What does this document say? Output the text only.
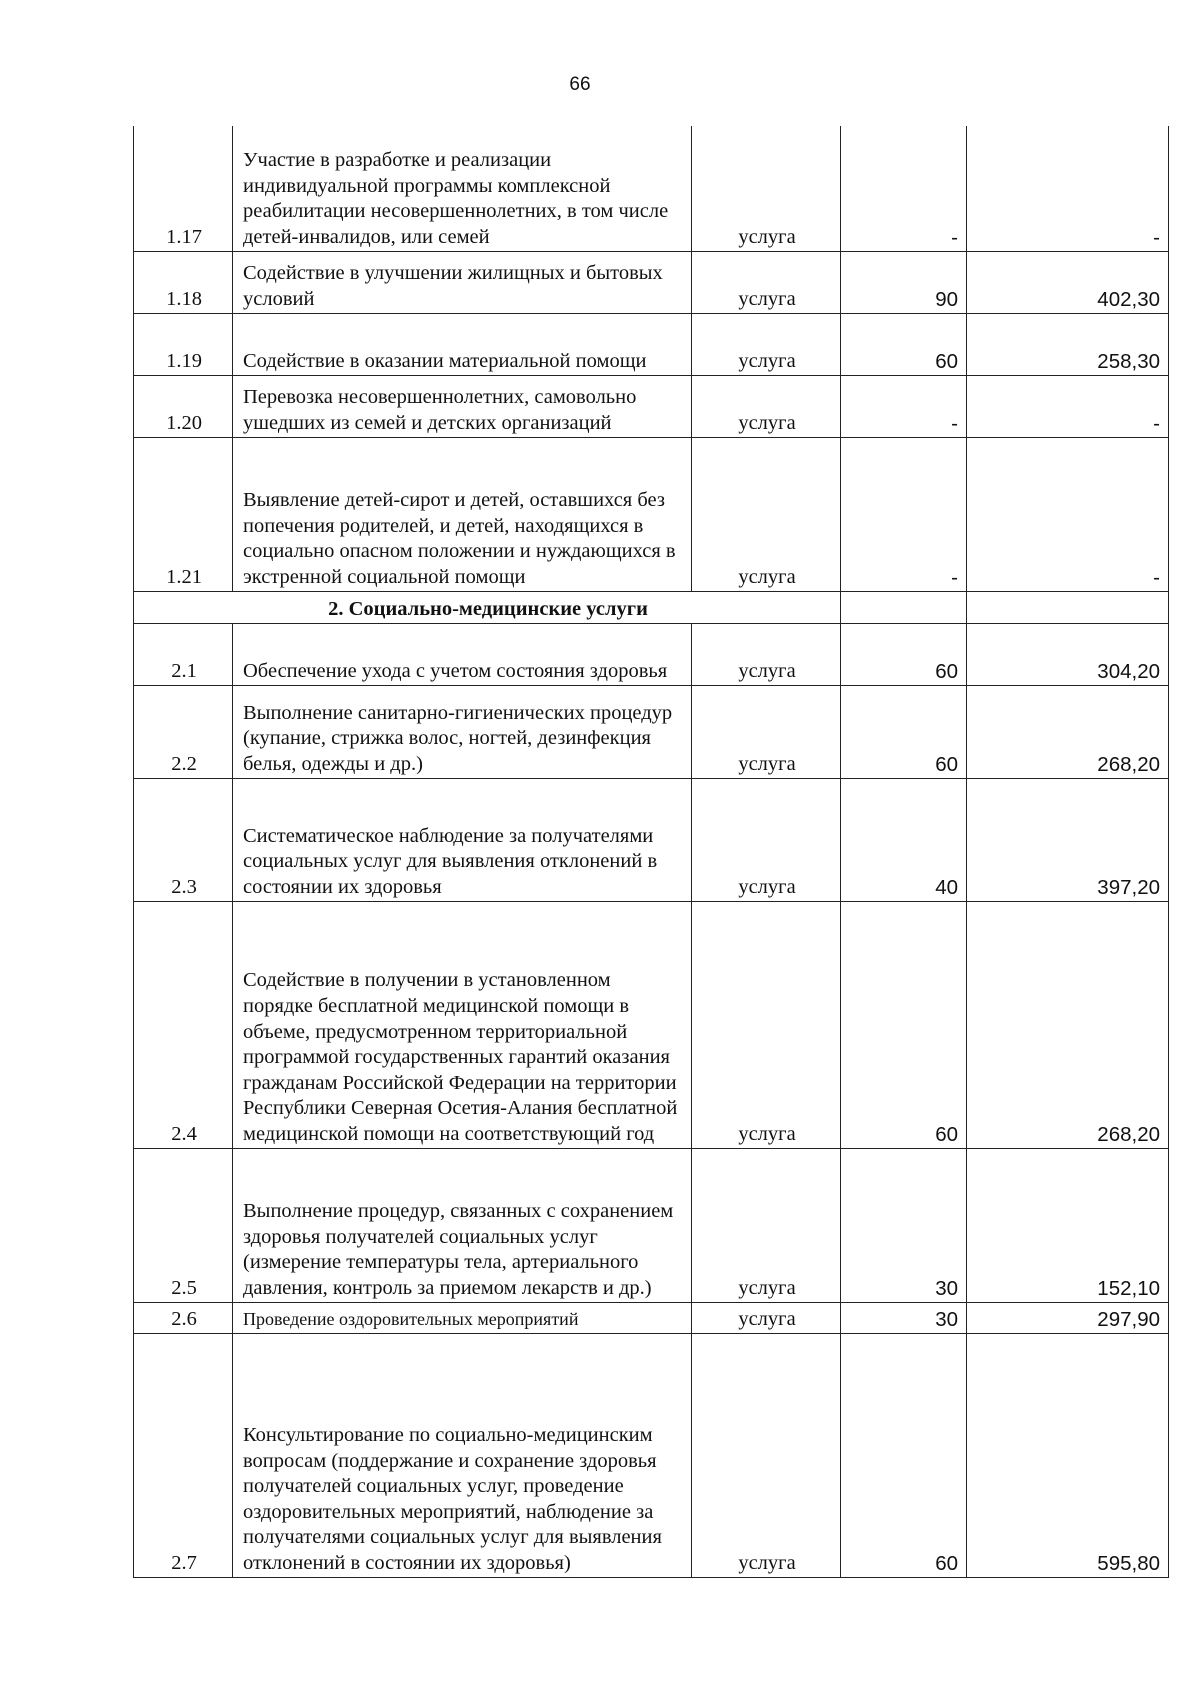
66
1.17	Участие в разработке и реализации индивидуальной программы комплексной реабилитации несовершеннолетних, в том числе детей-инвалидов, или семей	услуга	-	-
1.18	Содействие в улучшении жилищных и бытовых условий	услуга	90	402,30
1.19	Содействие в оказании материальной помощи	услуга	60	258,30
1.20	Перевозка несовершеннолетних, самовольно ушедших из семей и детских организаций	услуга	-	-
1.21	Выявление детей-сирот и детей, оставшихся без попечения родителей, и детей, находящихся в социально опасном положении и нуждающихся в экстренной социальной помощи	услуга	-	-
2. Социально-медицинские услуги				
2.1	Обеспечение ухода с учетом состояния здоровья	услуга	60	304,20
2.2	Выполнение санитарно-гигиенических процедур (купание, стрижка волос, ногтей, дезинфекция белья, одежды и др.)	услуга	60	268,20
2.3	Систематическое наблюдение за получателями социальных услуг для выявления отклонений в состоянии их здоровья	услуга	40	397,20
2.4	Содействие в получении в установленном порядке бесплатной медицинской помощи в объеме, предусмотренном территориальной программой государственных гарантий оказания гражданам Российской Федерации на территории Республики Северная Осетия-Алания бесплатной медицинской помощи на соответствующий год	услуга	60	268,20
2.5	Выполнение процедур, связанных с сохранением здоровья получателей социальных услуг (измерение температуры тела, артериального давления, контроль за приемом лекарств и др.)	услуга	30	152,10
2.6	Проведение оздоровительных мероприятий	услуга	30	297,90
2.7	Консультирование по социально-медицинским вопросам (поддержание и сохранение здоровья получателей социальных услуг, проведение оздоровительных мероприятий, наблюдение за получателями социальных услуг для выявления отклонений в состоянии их здоровья)	услуга	60	595,80
